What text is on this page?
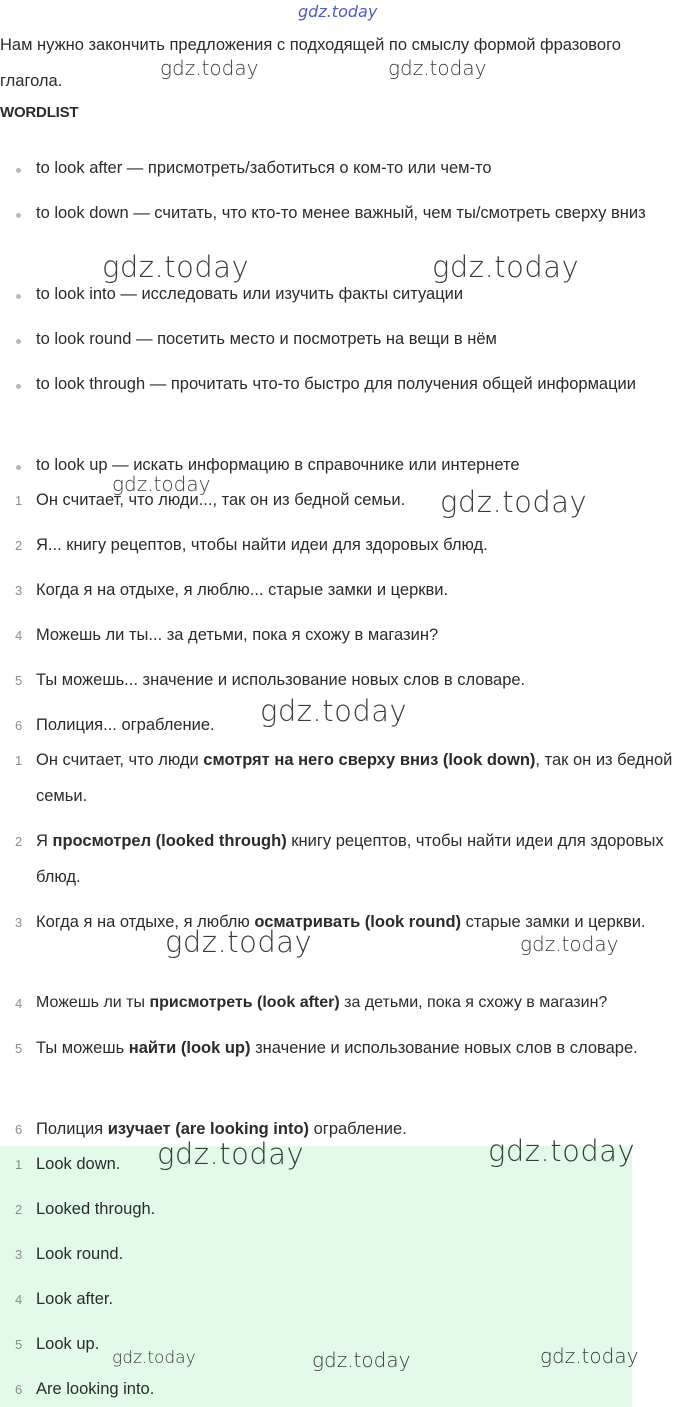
Нам нужно закончить предложения с подходящей по смыслу формой фразового глагола.
WORDLIST
to look after — присмотреть/заботиться о ком-то или чем-то
to look down — считать, что кто-то менее важный, чем ты/смотреть сверху вниз
to look into — исследовать или изучить факты ситуации
to look round — посетить место и посмотреть на вещи в нём
to look through — прочитать что-то быстро для получения общей информации
to look up — искать информацию в справочнике или интернете
1 Он считает, что люди..., так он из бедной семьи.
2 Я... книгу рецептов, чтобы найти идеи для здоровых блюд.
3 Когда я на отдыхе, я люблю... старые замки и церкви.
4 Можешь ли ты... за детьми, пока я схожу в магазин?
5 Ты можешь... значение и использование новых слов в словаре.
6 Полиция... ограбление.
1 Он считает, что люди смотрят на него сверху вниз (look down), так он из бедной семьи.
2 Я просмотрел (looked through) книгу рецептов, чтобы найти идеи для здоровых блюд.
3 Когда я на отдыхе, я люблю осматривать (look round) старые замки и церкви.
4 Можешь ли ты присмотреть (look after) за детьми, пока я схожу в магазин?
5 Ты можешь найти (look up) значение и использование новых слов в словаре.
6 Полиция изучает (are looking into) ограбление.
1 Look down.
2 Looked through.
3 Look round.
4 Look after.
5 Look up.
6 Are looking into.
gdz.today
gdz.today	gdz.today
gdz.today	gdz.today
gdz.today
gdz.today
gdz.today
gdz.today	gdz.today
gdz.today	gdz.today
gdz.today	gdz.today	gdz.today
